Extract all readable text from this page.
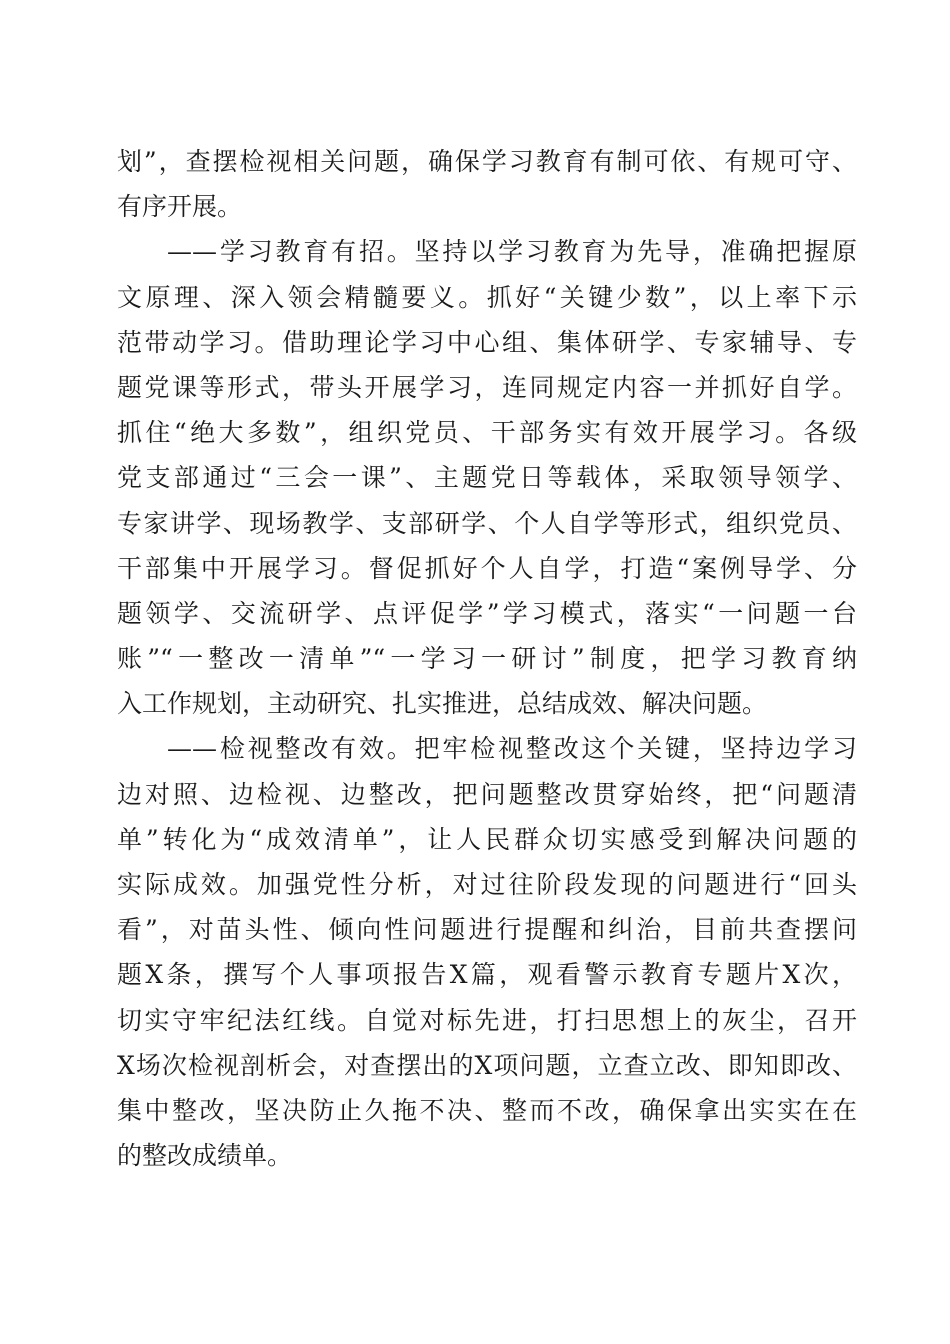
划”，查摆检视相关问题，确保学习教育有制可依、有规可守、
有序开展。
——学习教育有招。坚持以学习教育为先导，准确把握原
文原理、深入领会精髓要义。抓好“关键少数”，以上率下示
范带动学习。借助理论学习中心组、集体研学、专家辅导、专
题党课等形式，带头开展学习，连同规定内容一并抓好自学。
抓住“绝大多数”，组织党员、干部务实有效开展学习。各级
党支部通过“三会一课”、主题党日等载体，采取领导领学、
专家讲学、现场教学、支部研学、个人自学等形式，组织党员、
干部集中开展学习。督促抓好个人自学，打造“案例导学、分
题领学、交流研学、点评促学”学习模式，落实“一问题一台
账”“一整改一清单”“一学习一研讨”制度，把学习教育纳
入工作规划，主动研究、扎实推进，总结成效、解决问题。
——检视整改有效。把牢检视整改这个关键，坚持边学习
边对照、边检视、边整改，把问题整改贯穿始终，把“问题清
单”转化为“成效清单”，让人民群众切实感受到解决问题的
实际成效。加强党性分析，对过往阶段发现的问题进行“回头
看”，对苗头性、倾向性问题进行提醒和纠治，目前共查摆问
题X条，撰写个人事项报告X篇，观看警示教育专题片X次，
切实守牢纪法红线。自觉对标先进，打扫思想上的灰尘，召开
X场次检视剖析会，对查摆出的X项问题，立查立改、即知即改、
集中整改，坚决防止久拖不决、整而不改，确保拿出实实在在
的整改成绩单。
